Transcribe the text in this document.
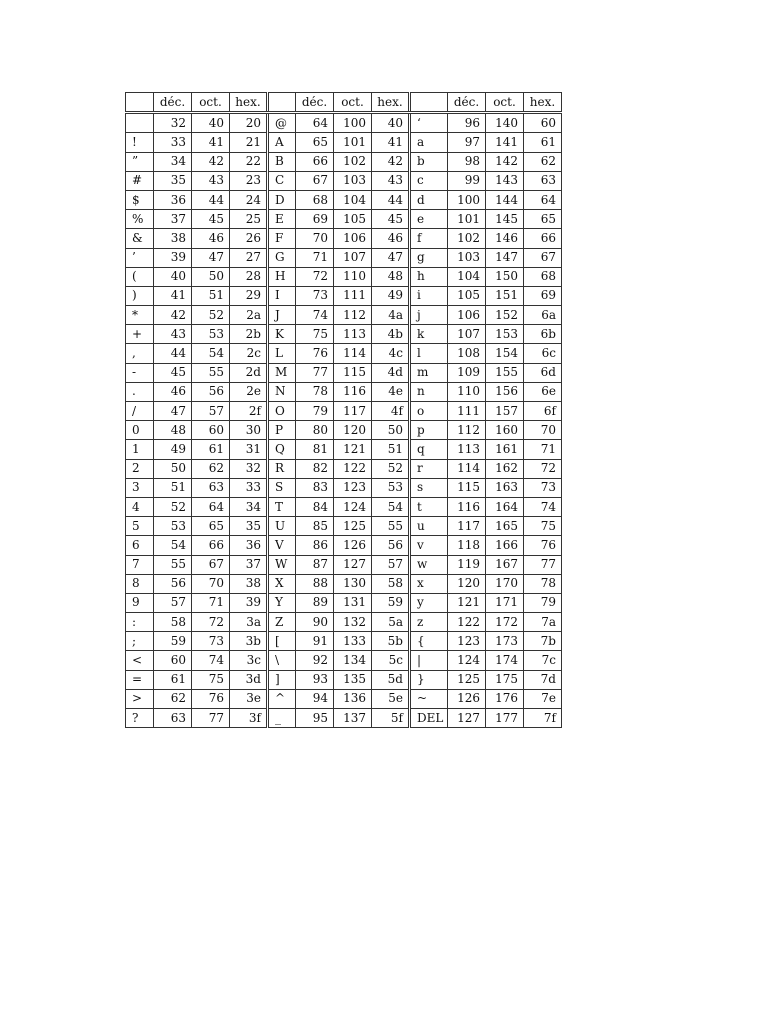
	déc.	oct.	hex.		déc.	oct.	hex.		déc.	oct.	hex.
	32	40	20	@	64	100	40	‘	96	140	60
!	33	41	21	A	65	101	41	a	97	141	61
”	34	42	22	B	66	102	42	b	98	142	62
#	35	43	23	C	67	103	43	c	99	143	63
$	36	44	24	D	68	104	44	d	100	144	64
%	37	45	25	E	69	105	45	e	101	145	65
&	38	46	26	F	70	106	46	f	102	146	66
’	39	47	27	G	71	107	47	g	103	147	67
(	40	50	28	H	72	110	48	h	104	150	68
)	41	51	29	I	73	111	49	i	105	151	69
*	42	52	2a	J	74	112	4a	j	106	152	6a
+	43	53	2b	K	75	113	4b	k	107	153	6b
,	44	54	2c	L	76	114	4c	l	108	154	6c
-	45	55	2d	M	77	115	4d	m	109	155	6d
.	46	56	2e	N	78	116	4e	n	110	156	6e
/	47	57	2f	O	79	117	4f	o	111	157	6f
0	48	60	30	P	80	120	50	p	112	160	70
1	49	61	31	Q	81	121	51	q	113	161	71
2	50	62	32	R	82	122	52	r	114	162	72
3	51	63	33	S	83	123	53	s	115	163	73
4	52	64	34	T	84	124	54	t	116	164	74
5	53	65	35	U	85	125	55	u	117	165	75
6	54	66	36	V	86	126	56	v	118	166	76
7	55	67	37	W	87	127	57	w	119	167	77
8	56	70	38	X	88	130	58	x	120	170	78
9	57	71	39	Y	89	131	59	y	121	171	79
:	58	72	3a	Z	90	132	5a	z	122	172	7a
;	59	73	3b	[	91	133	5b	{	123	173	7b
<	60	74	3c	\	92	134	5c	|	124	174	7c
=	61	75	3d	]	93	135	5d	}	125	175	7d
>	62	76	3e	^	94	136	5e	~	126	176	7e
?	63	77	3f	_	95	137	5f	DEL	127	177	7f
